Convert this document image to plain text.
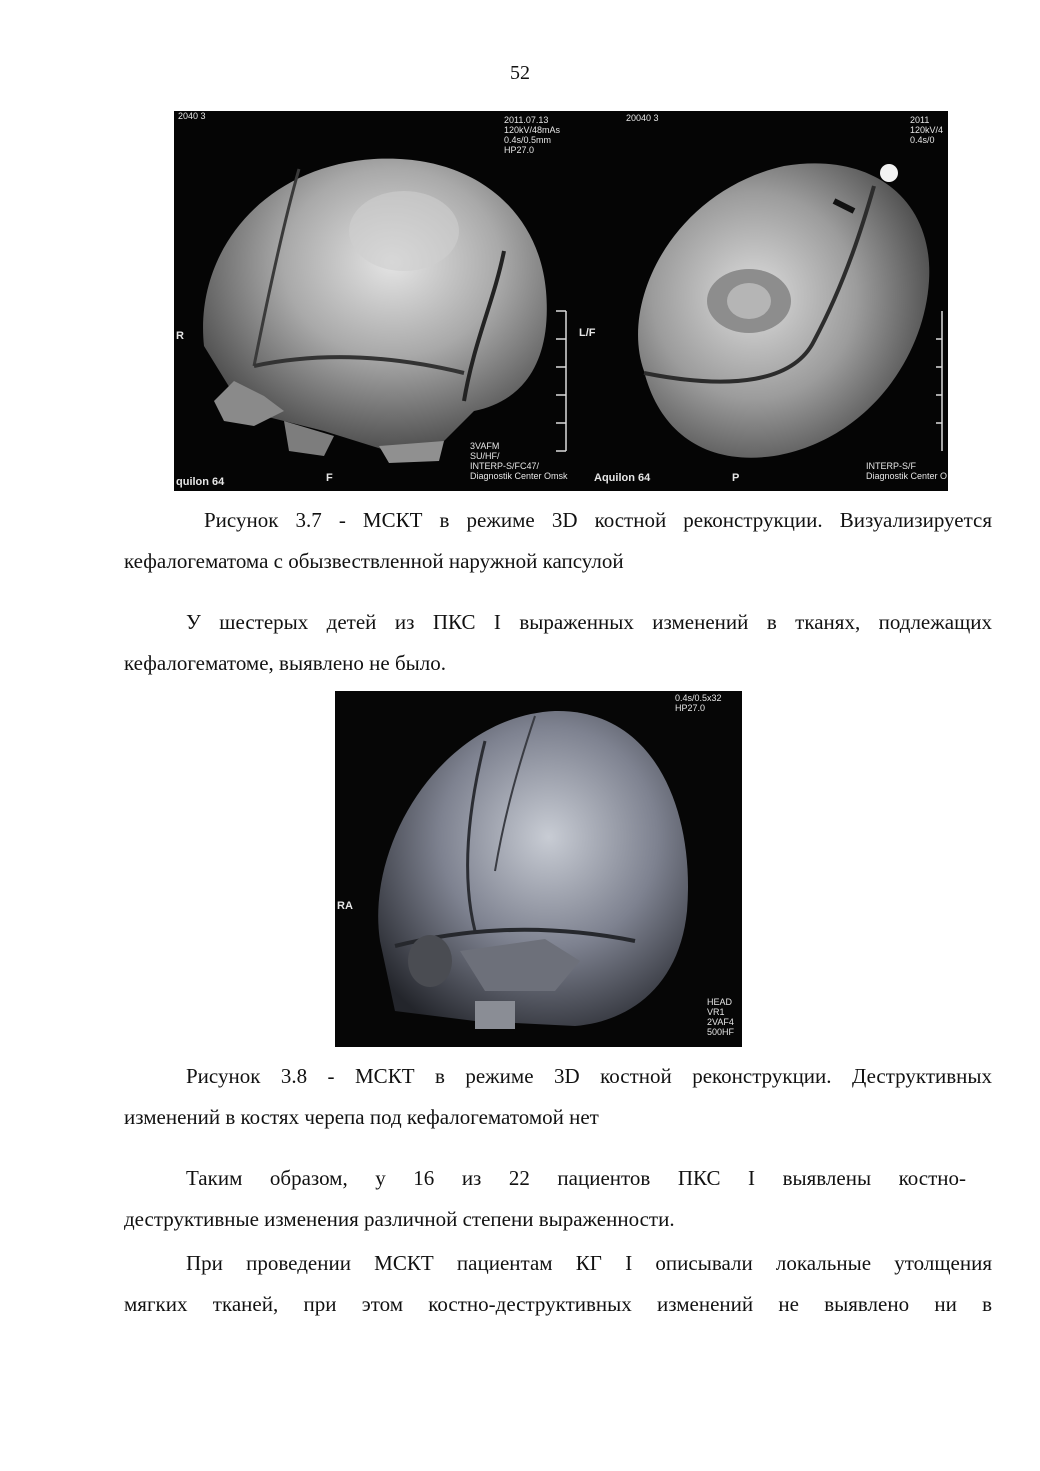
52
2040 3	2011.07.13
120kV/48mAs
0.4s/0.5mm
HP27.0
20040 3	2011
120kV/4
0.4s/0
R	L/F
3VAFM
SU/HF/
INTERP-S/FC47/
Diagnostik Center Omsk
quilon 64	F	Aquilon 64	P
INTERP-S/F
Diagnostik Center O
Рисунок 3.7 - МСКТ в режиме 3D костной реконструкции. Визуализируется
кефалогематома с обызвествленной наружной капсулой
У шестерых детей из ПКС I выраженных изменений в тканях, подлежащих
кефалогематоме, выявлено не было.
0.4s/0.5x32
HP27.0
RA
HEAD
VR1
2VAF4
500HF
Рисунок 3.8 - МСКТ в режиме 3D костной реконструкции. Деструктивных
изменений в костях черепа под кефалогематомой нет
Таким образом, у 16 из 22 пациентов ПКС I выявлены костно-
деструктивные изменения различной степени выраженности.
При проведении МСКТ пациентам КГ I описывали локальные утолщения
мягких тканей, при этом костно-деструктивных изменений не выявлено ни в
